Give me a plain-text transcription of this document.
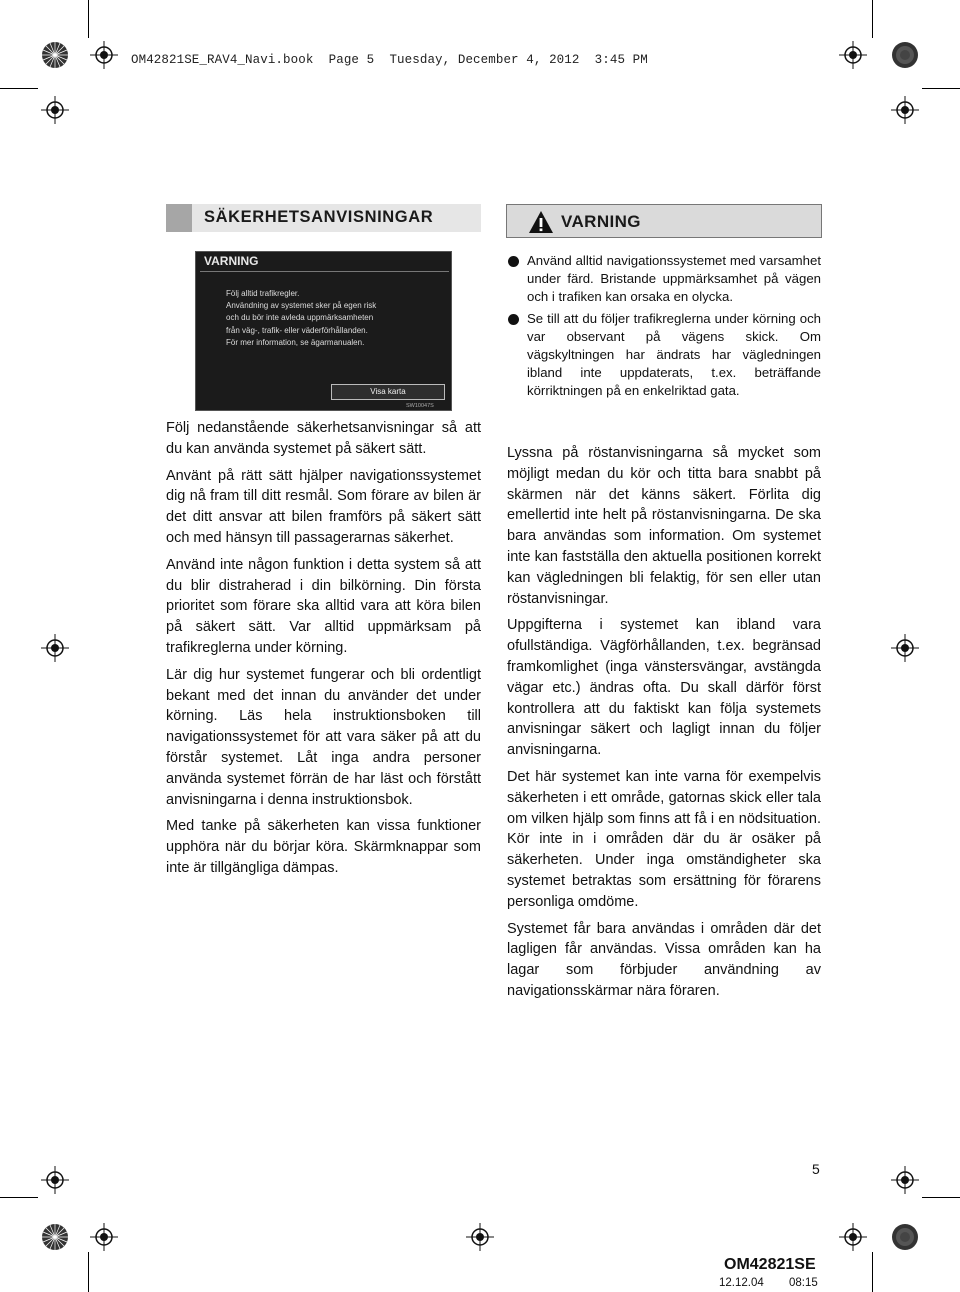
OM42821SE_RAV4_Navi.book  Page 5  Tuesday, December 4, 2012  3:45 PM
SÄKERHETSANVISNINGAR
VARNING
Följ alltid trafikregler.
Användning av systemet sker på egen risk
och du bör inte avleda uppmärksamheten
från väg-, trafik- eller väderförhållanden.
För mer information, se ägarmanualen.
Visa karta
SW10047S

Följ nedanstående säkerhetsanvisningar så att du kan använda systemet på säkert sätt.

Använt på rätt sätt hjälper navigationssystemet dig nå fram till ditt resmål. Som förare av bilen är det ditt ansvar att bilen framförs på säkert sätt och med hänsyn till passagerarnas säkerhet.

Använd inte någon funktion i detta system så att du blir distraherad i din bilkörning. Din första prioritet som förare ska alltid vara att köra bilen på säkert sätt. Var alltid uppmärksam på trafikreglerna under körning.

Lär dig hur systemet fungerar och bli ordentligt bekant med det innan du använder det under körning. Läs hela instruktionsboken till navigationssystemet för att vara säker på att du förstår systemet. Låt inga andra personer använda systemet förrän de har läst och förstått anvisningarna i denna instruktionsbok.

Med tanke på säkerheten kan vissa funktioner upphöra när du börjar köra. Skärmknappar som inte är tillgängliga dämpas.

VARNING
Använd alltid navigationssystemet med varsamhet under färd. Bristande uppmärksamhet på vägen och i trafiken kan orsaka en olycka.
Se till att du följer trafikreglerna under körning och var observant på vägens skick. Om vägskyltningen har ändrats har vägledningen ibland inte uppdaterats, t.ex. beträffande körriktningen på en enkelriktad gata.

Lyssna på röstanvisningarna så mycket som möjligt medan du kör och titta bara snabbt på skärmen när det känns säkert. Förlita dig emellertid inte helt på röstanvisningarna. De ska bara användas som information. Om systemet inte kan fastställa den aktuella positionen korrekt kan vägledningen bli felaktig, för sen eller utan röstanvisningar.

Uppgifterna i systemet kan ibland vara ofullständiga. Vägförhållanden, t.ex. begränsad framkomlighet (inga vänstersvängar, avstängda vägar etc.) ändras ofta. Du skall därför först kontrollera att du faktiskt kan följa systemets anvisningar säkert och lagligt innan du följer anvisningarna.

Det här systemet kan inte varna för exempelvis säkerheten i ett område, gatornas skick eller tala om vilken hjälp som finns att få i en nödsituation. Kör inte in i områden där du är osäker på säkerheten. Under inga omständigheter ska systemet betraktas som ersättning för förarens personliga omdöme.

Systemet får bara användas i områden där det lagligen får användas. Vissa områden kan ha lagar som förbjuder användning av navigationsskärmar nära föraren.

5
OM42821SE
12.12.04 08:15
